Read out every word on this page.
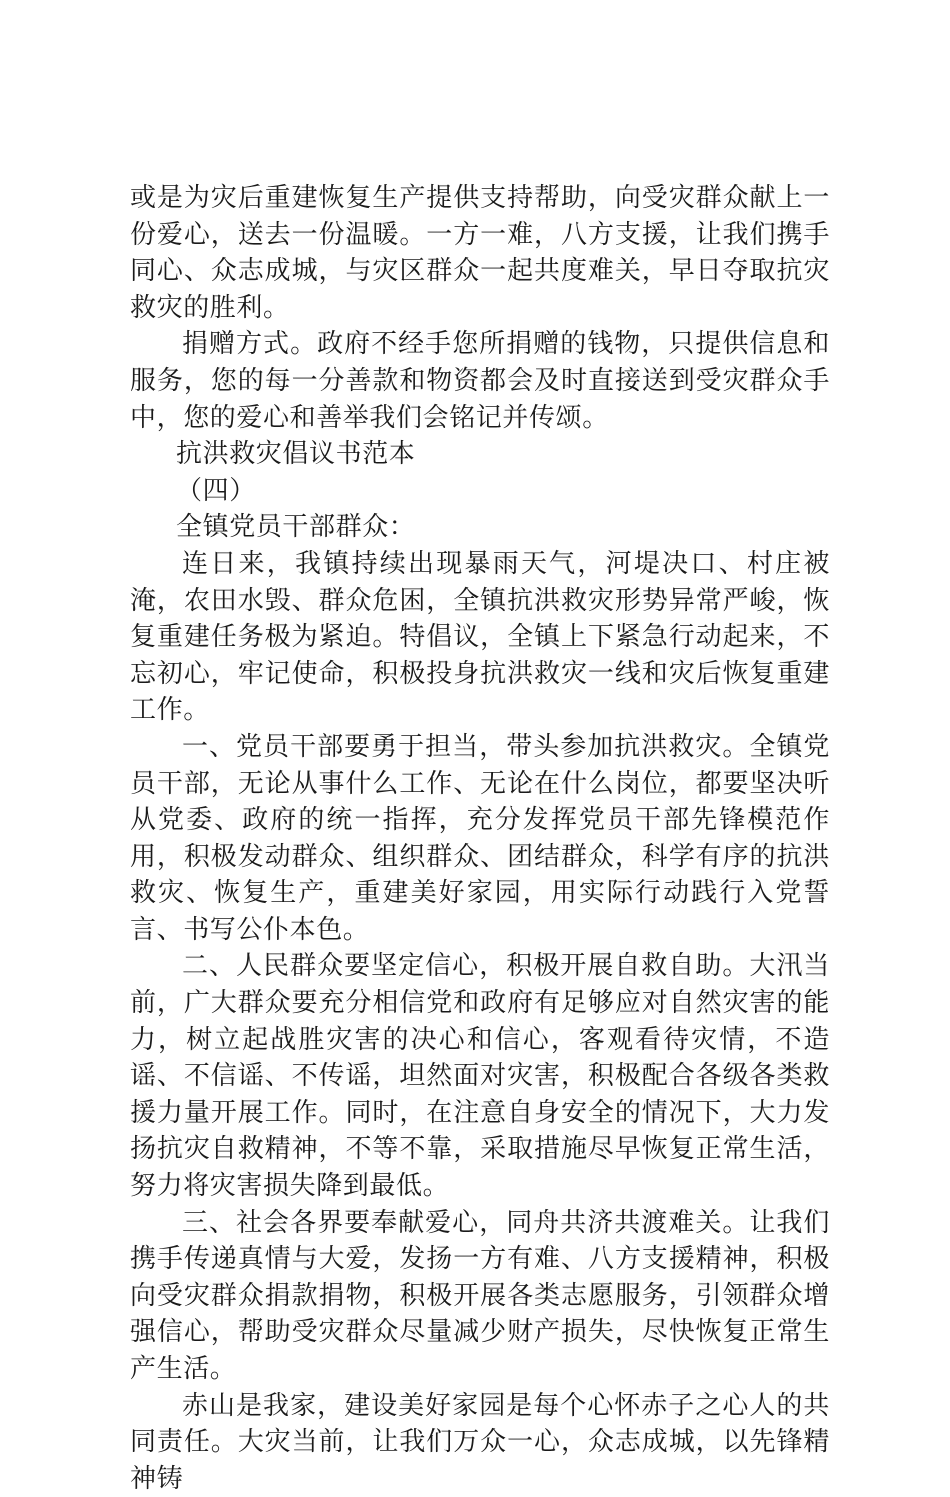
或是为灾后重建恢复生产提供支持帮助，向受灾群众献上一份爱心，送去一份温暖。一方一难，八方支援，让我们携手同心、众志成城，与灾区群众一起共度难关，早日夺取抗灾救灾的胜利。

捐赠方式。政府不经手您所捐赠的钱物，只提供信息和服务，您的每一分善款和物资都会及时直接送到受灾群众手中，您的爱心和善举我们会铭记并传颂。

抗洪救灾倡议书范本

（四）

全镇党员干部群众：

连日来，我镇持续出现暴雨天气，河堤决口、村庄被淹，农田水毁、群众危困，全镇抗洪救灾形势异常严峻，恢复重建任务极为紧迫。特倡议，全镇上下紧急行动起来，不忘初心，牢记使命，积极投身抗洪救灾一线和灾后恢复重建工作。

一、党员干部要勇于担当，带头参加抗洪救灾。全镇党员干部，无论从事什么工作、无论在什么岗位，都要坚决听从党委、政府的统一指挥，充分发挥党员干部先锋模范作用，积极发动群众、组织群众、团结群众，科学有序的抗洪救灾、恢复生产，重建美好家园，用实际行动践行入党誓言、书写公仆本色。

二、人民群众要坚定信心，积极开展自救自助。大汛当前，广大群众要充分相信党和政府有足够应对自然灾害的能力，树立起战胜灾害的决心和信心，客观看待灾情，不造谣、不信谣、不传谣，坦然面对灾害，积极配合各级各类救援力量开展工作。同时，在注意自身安全的情况下，大力发扬抗灾自救精神，不等不靠，采取措施尽早恢复正常生活，努力将灾害损失降到最低。

三、社会各界要奉献爱心，同舟共济共渡难关。让我们携手传递真情与大爱，发扬一方有难、八方支援精神，积极向受灾群众捐款捐物，积极开展各类志愿服务，引领群众增强信心，帮助受灾群众尽量减少财产损失，尽快恢复正常生产生活。

赤山是我家，建设美好家园是每个心怀赤子之心人的共同责任。大灾当前，让我们万众一心，众志成城，以先锋精神铸
